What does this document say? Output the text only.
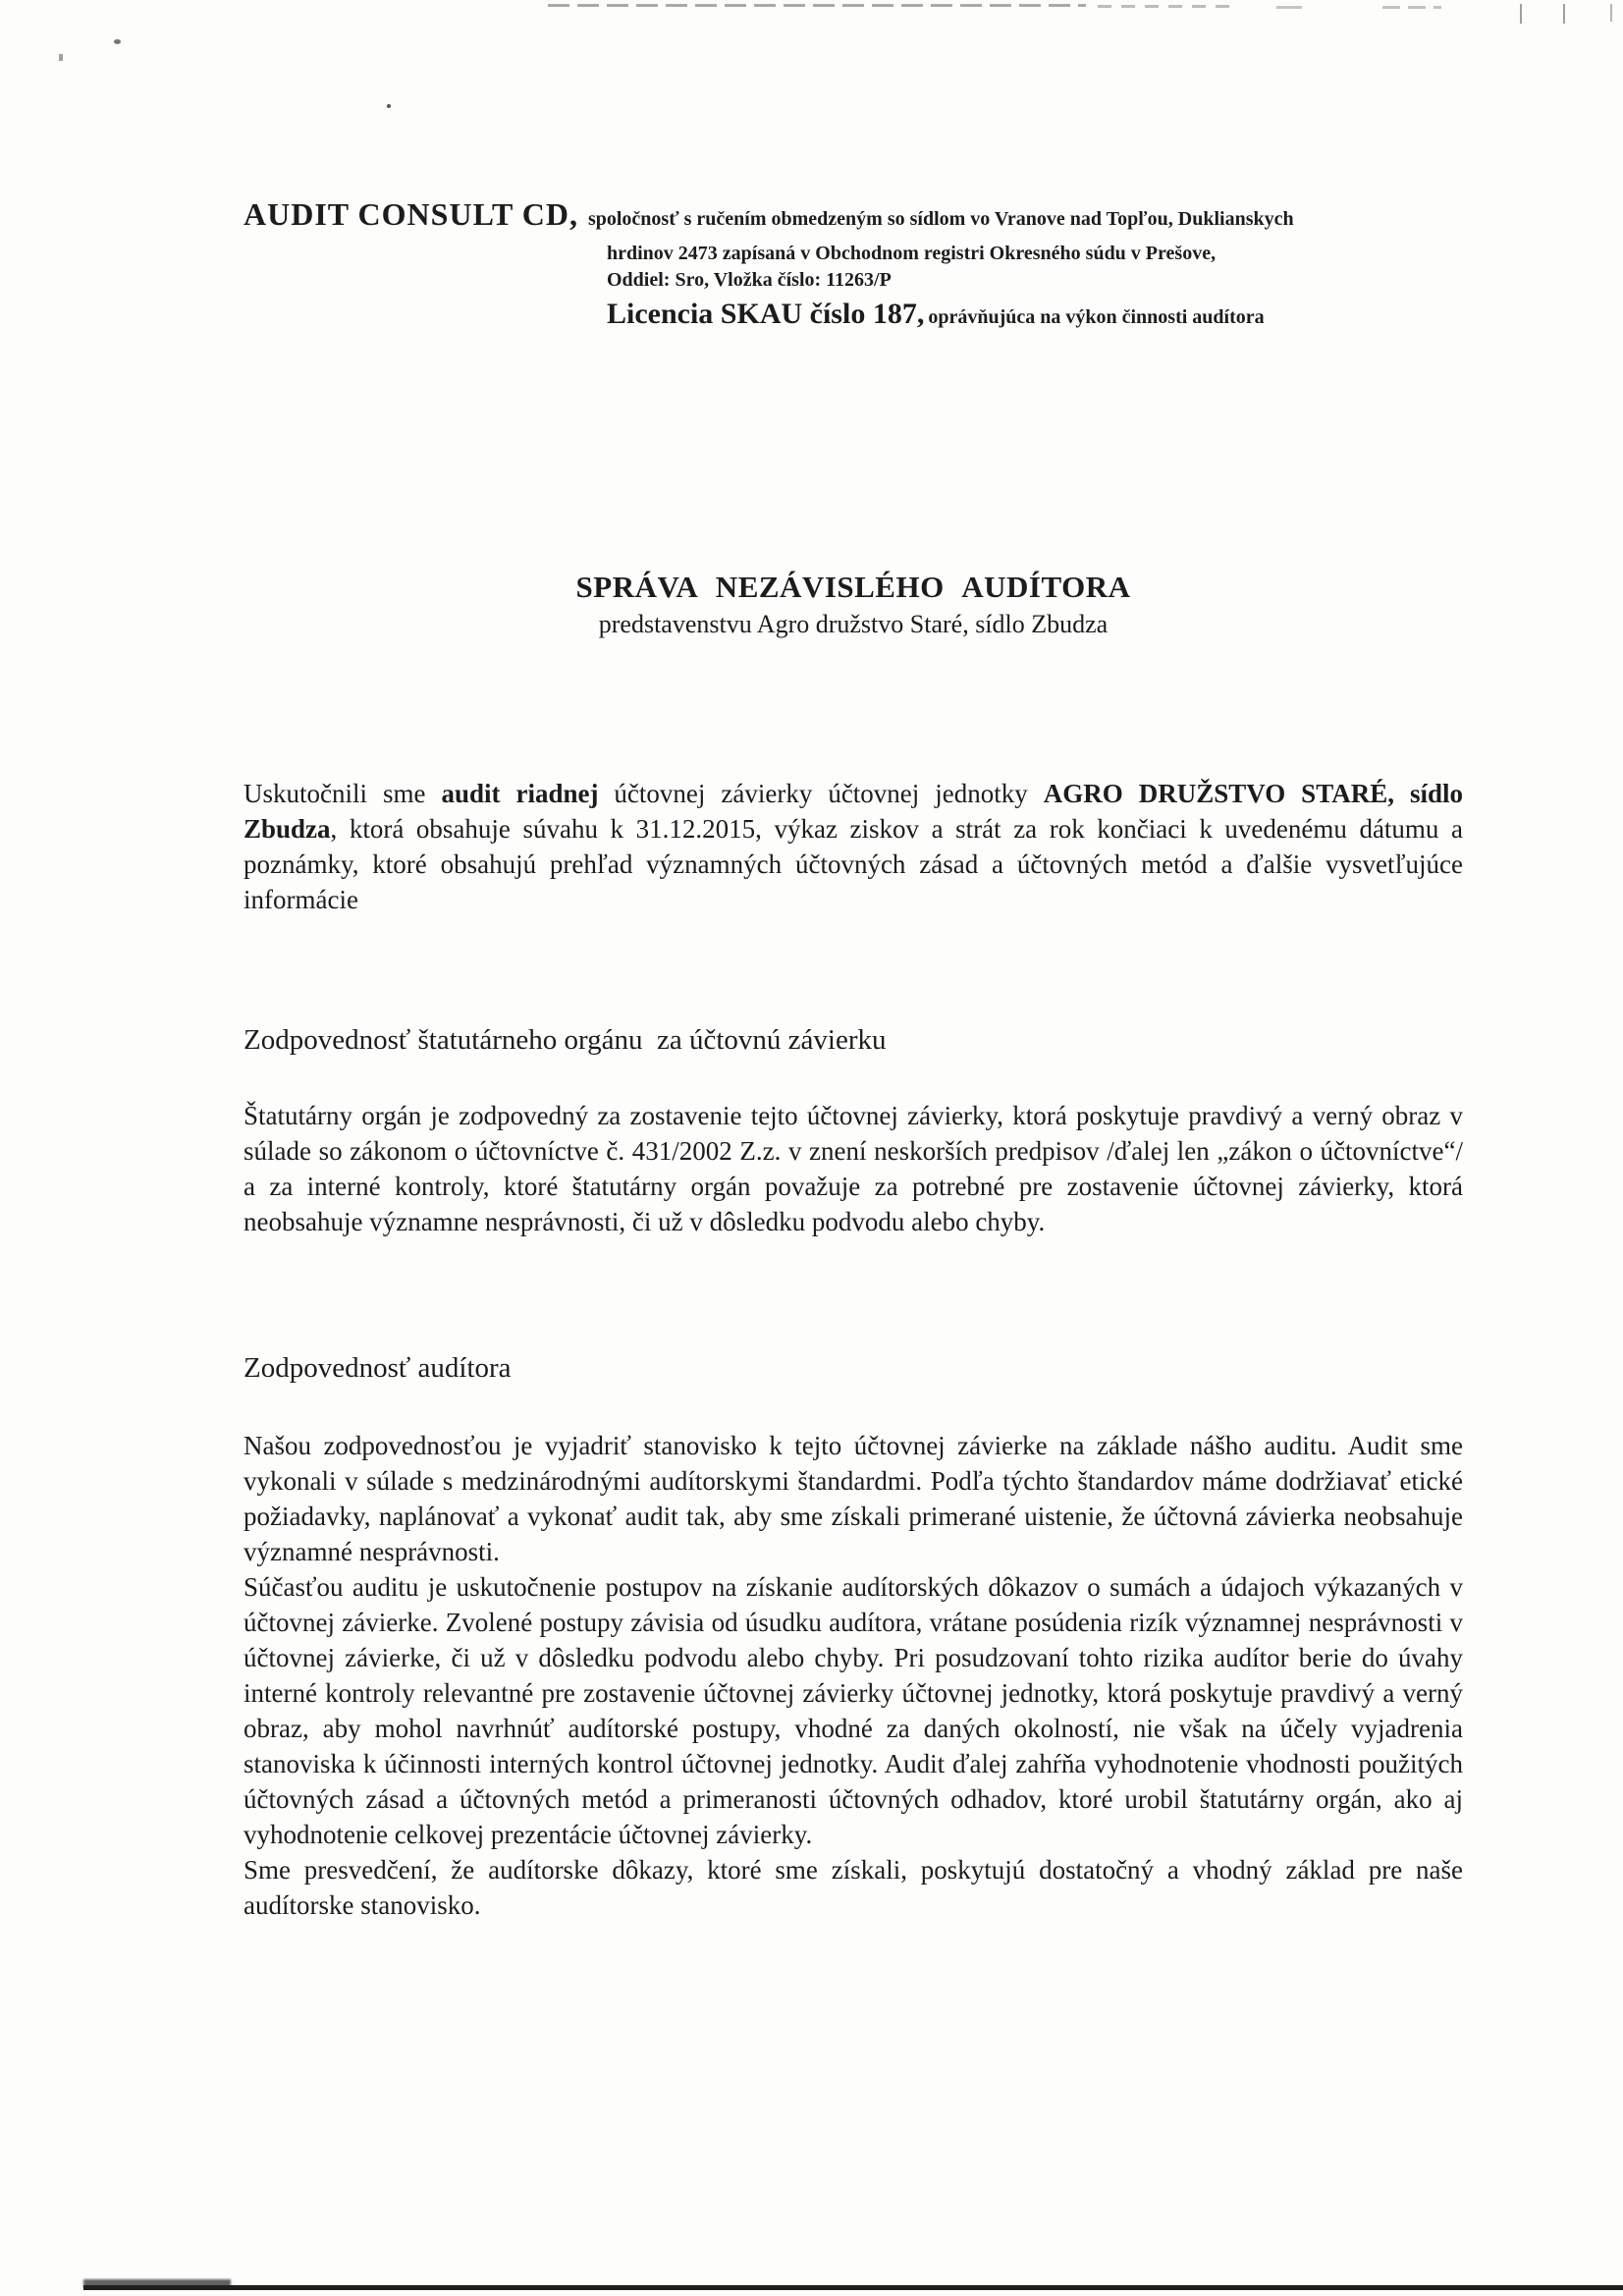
AUDIT CONSULT CD, spoločnosť s ručením obmedzeným so sídlom vo Vranove nad Topľou, Duklianskych
hrdinov 2473 zapísaná v Obchodnom registri Okresného súdu v Prešove,
Oddiel: Sro, Vložka číslo: 11263/P
Licencia SKAU číslo 187, oprávňujúca na výkon činnosti audítora
SPRÁVA NEZÁVISLÉHO AUDÍTORA
predstavenstvu Agro družstvo Staré, sídlo Zbudza

Uskutočnili sme audit riadnej účtovnej závierky účtovnej jednotky AGRO DRUŽSTVO STARÉ, sídlo Zbudza, ktorá obsahuje súvahu k 31.12.2015, výkaz ziskov a strát za rok končiaci k uvedenému dátumu a poznámky, ktoré obsahujú prehľad významných účtovných zásad a účtovných metód a ďalšie vysvetľujúce informácie

Zodpovednosť štatutárneho orgánu  za účtovnú závierku

Štatutárny orgán je zodpovedný za zostavenie tejto účtovnej závierky, ktorá poskytuje pravdivý a verný obraz v súlade so zákonom o účtovníctve č. 431/2002 Z.z. v znení neskorších predpisov /ďalej len „zákon o účtovníctve“/ a za interné kontroly, ktoré štatutárny orgán považuje za potrebné pre zostavenie účtovnej závierky, ktorá neobsahuje významne nesprávnosti, či už v dôsledku podvodu alebo chyby.

Zodpovednosť audítora

Našou zodpovednosťou je vyjadriť stanovisko k tejto účtovnej závierke na základe nášho auditu. Audit sme vykonali v súlade s medzinárodnými audítorskymi štandardmi. Podľa týchto štandardov máme dodržiavať etické požiadavky, naplánovať a vykonať audit tak, aby sme získali primerané uistenie, že účtovná závierka neobsahuje významné nesprávnosti.

Súčasťou auditu je uskutočnenie postupov na získanie audítorských dôkazov o sumách a údajoch výkazaných v účtovnej závierke. Zvolené postupy závisia od úsudku audítora, vrátane posúdenia rizík významnej nesprávnosti v účtovnej závierke, či už v dôsledku podvodu alebo chyby. Pri posudzovaní tohto rizika audítor berie do úvahy interné kontroly relevantné pre zostavenie účtovnej závierky účtovnej jednotky, ktorá poskytuje pravdivý a verný obraz, aby mohol navrhnúť audítorské postupy, vhodné za daných okolností, nie však na účely vyjadrenia stanoviska k účinnosti interných kontrol účtovnej jednotky. Audit ďalej zahŕňa vyhodnotenie vhodnosti použitých účtovných zásad a účtovných metód a primeranosti účtovných odhadov, ktoré urobil štatutárny orgán, ako aj vyhodnotenie celkovej prezentácie účtovnej závierky.

Sme presvedčení, že audítorske dôkazy, ktoré sme získali, poskytujú dostatočný a vhodný základ pre naše audítorske stanovisko.
